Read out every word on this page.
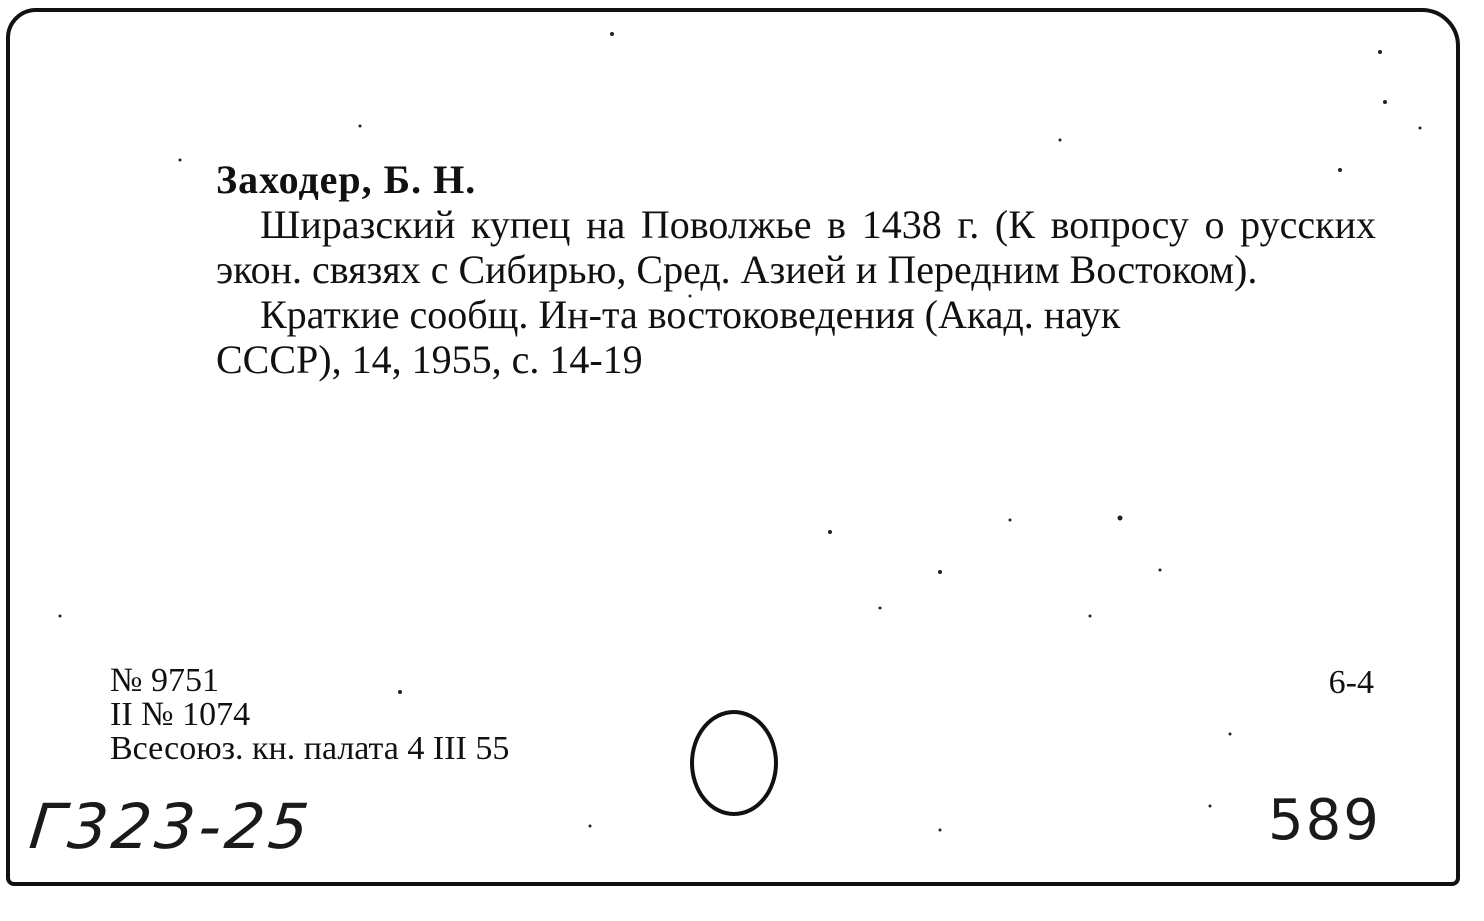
Заходер, Б. Н.

Ширазский купец на Поволжье в 1438 г. (К вопросу о русских экон. связях с Сибирью, Сред. Азией и Передним Востоком).

Краткие сообщ. Ин-та востоковедения (Акад. наук

СССР), 14, 1955, с. 14-19
№ 9751
II № 1074
Всесоюз. кн. палата 4 III 55
6-4
Г323-25	589
